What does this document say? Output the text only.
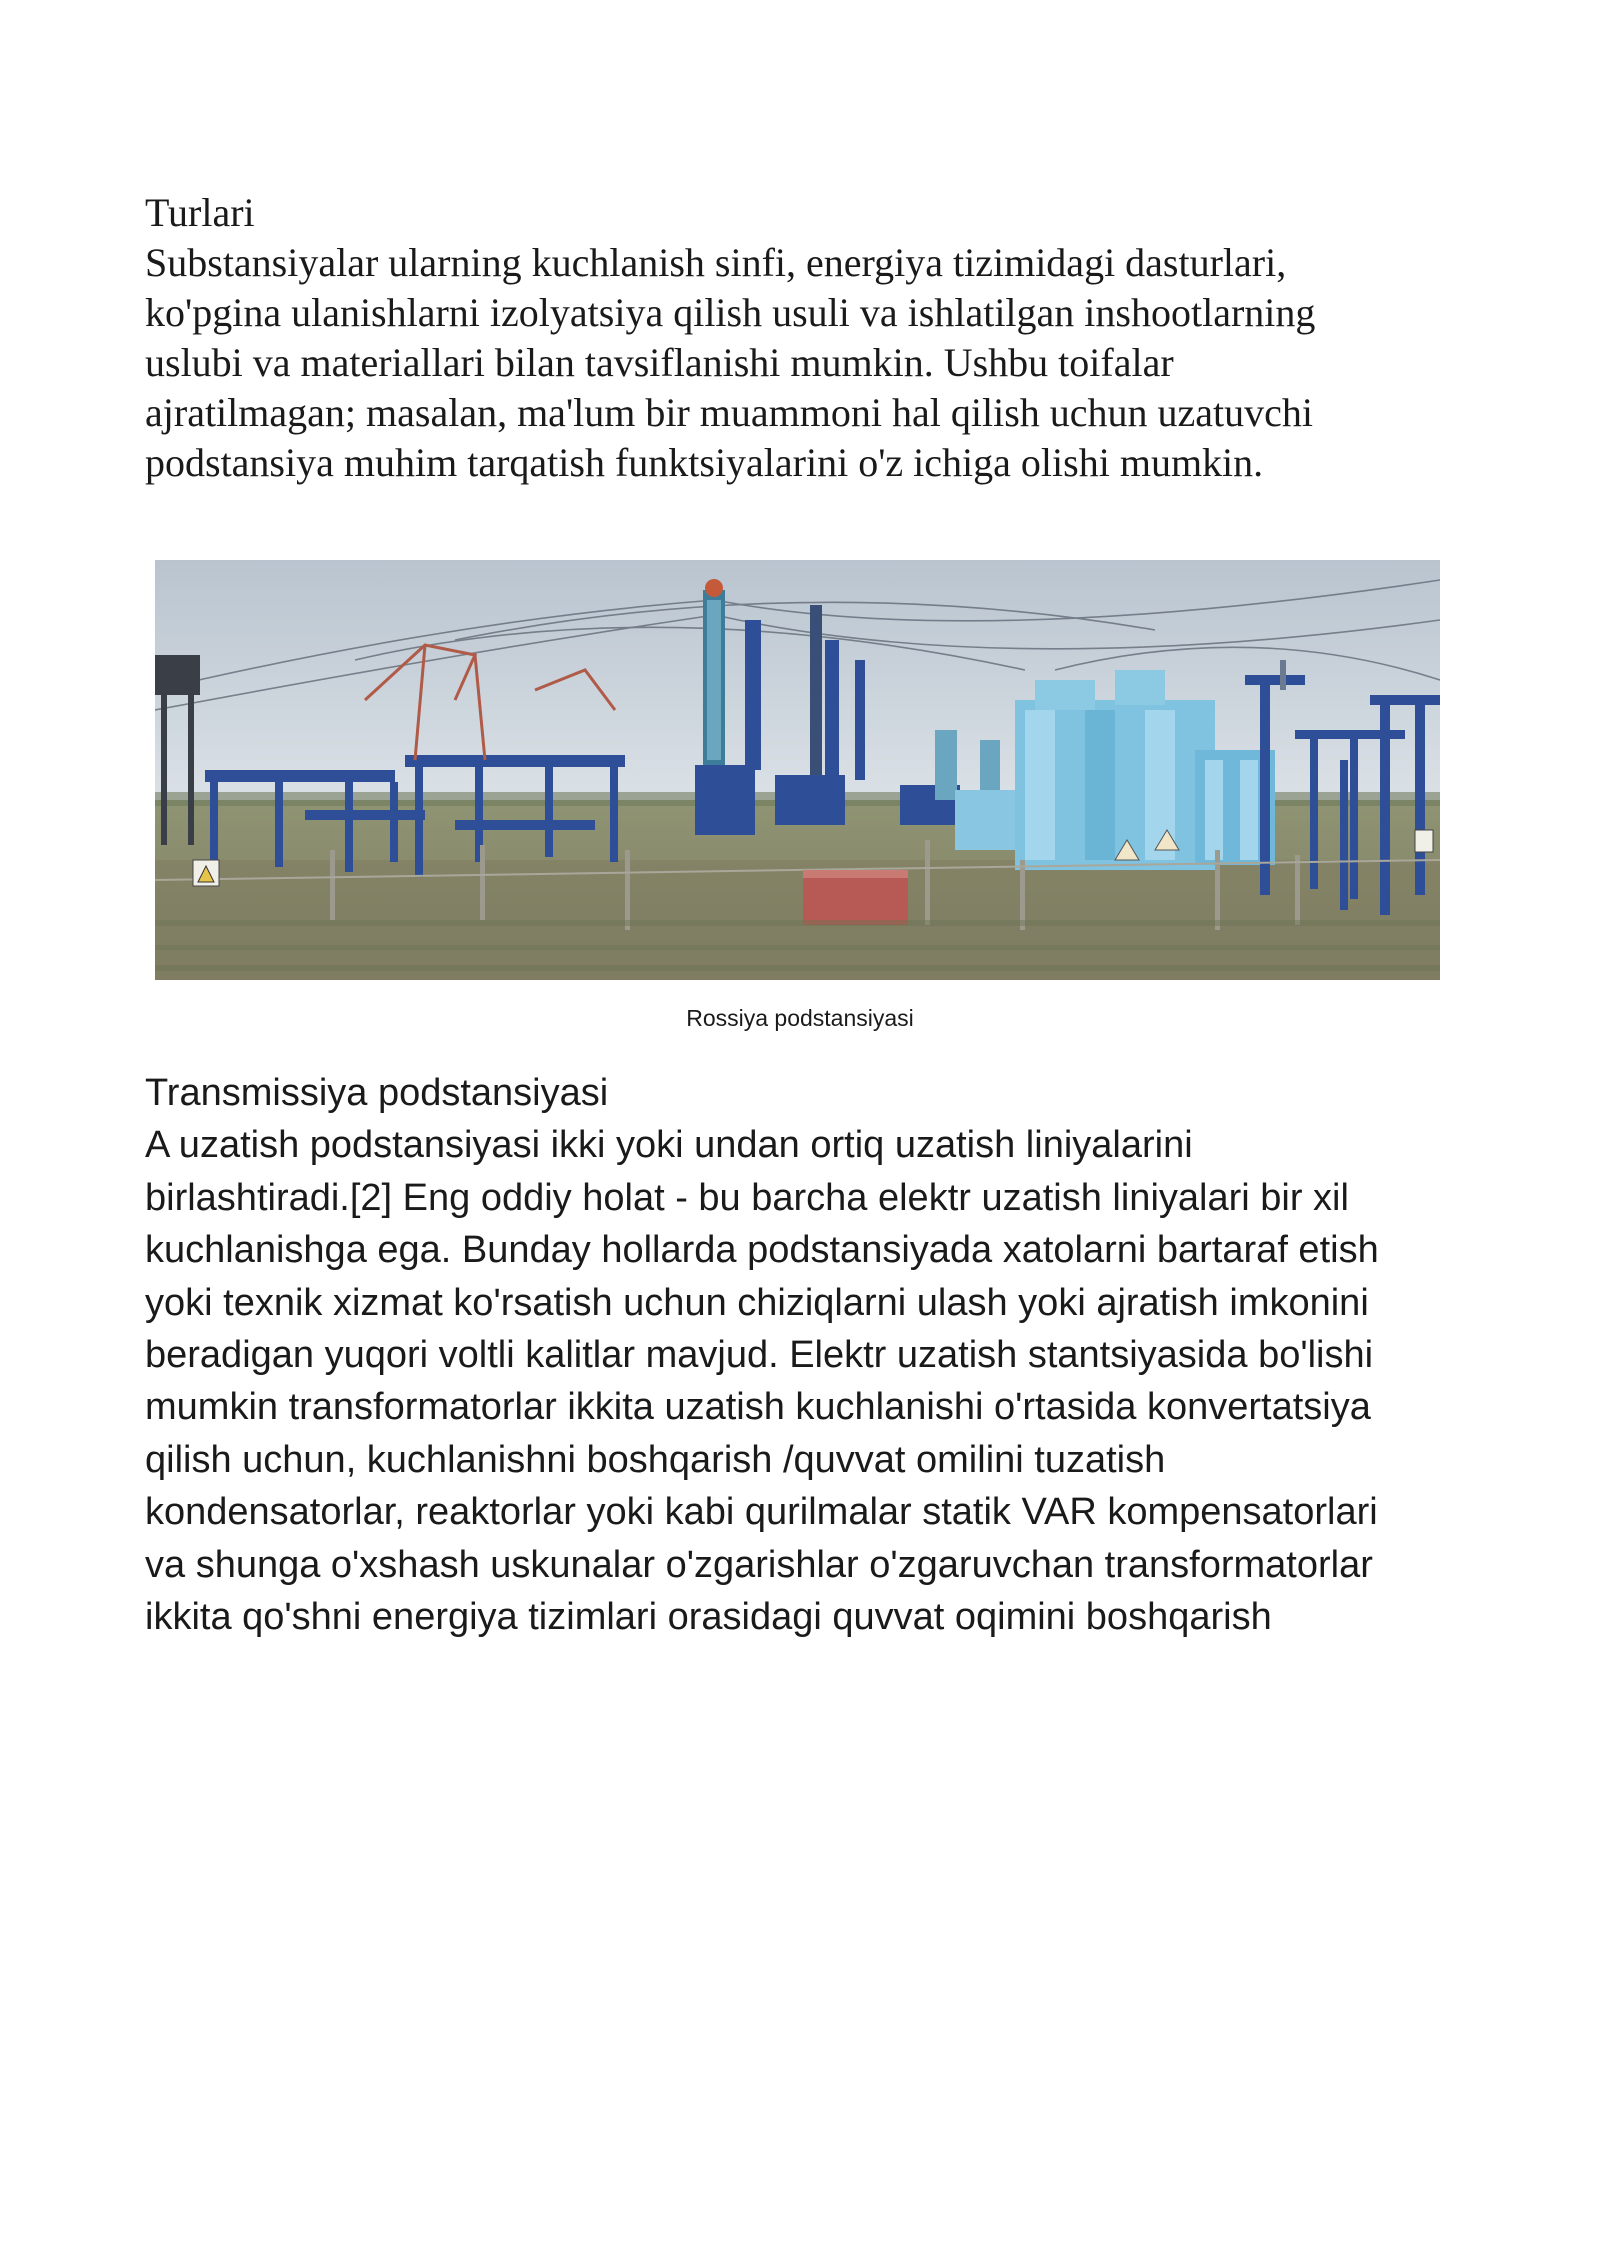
Turlari

Substansiyalar ularning kuchlanish sinfi, energiya tizimidagi dasturlari,

ko'pgina ulanishlarni izolyatsiya qilish usuli va ishlatilgan inshootlarning

uslubi va materiallari bilan tavsiflanishi mumkin. Ushbu toifalar

ajratilmagan; masalan, ma'lum bir muammoni hal qilish uchun uzatuvchi

podstansiya muhim tarqatish funktsiyalarini o'z ichiga olishi mumkin.

Rossiya podstansiyasi

Transmissiya podstansiyasi

A uzatish podstansiyasi ikki yoki undan ortiq uzatish liniyalarini

birlashtiradi.[2] Eng oddiy holat - bu barcha elektr uzatish liniyalari bir xil

kuchlanishga ega. Bunday hollarda podstansiyada xatolarni bartaraf etish

yoki texnik xizmat ko'rsatish uchun chiziqlarni ulash yoki ajratish imkonini

beradigan yuqori voltli kalitlar mavjud. Elektr uzatish stantsiyasida bo'lishi

mumkin transformatorlar ikkita uzatish kuchlanishi o'rtasida konvertatsiya

qilish uchun, kuchlanishni boshqarish /quvvat omilini tuzatish

kondensatorlar, reaktorlar yoki kabi qurilmalar statik VAR kompensatorlari

va shunga o'xshash uskunalar o'zgarishlar o'zgaruvchan transformatorlar

ikkita qo'shni energiya tizimlari orasidagi quvvat oqimini boshqarish
